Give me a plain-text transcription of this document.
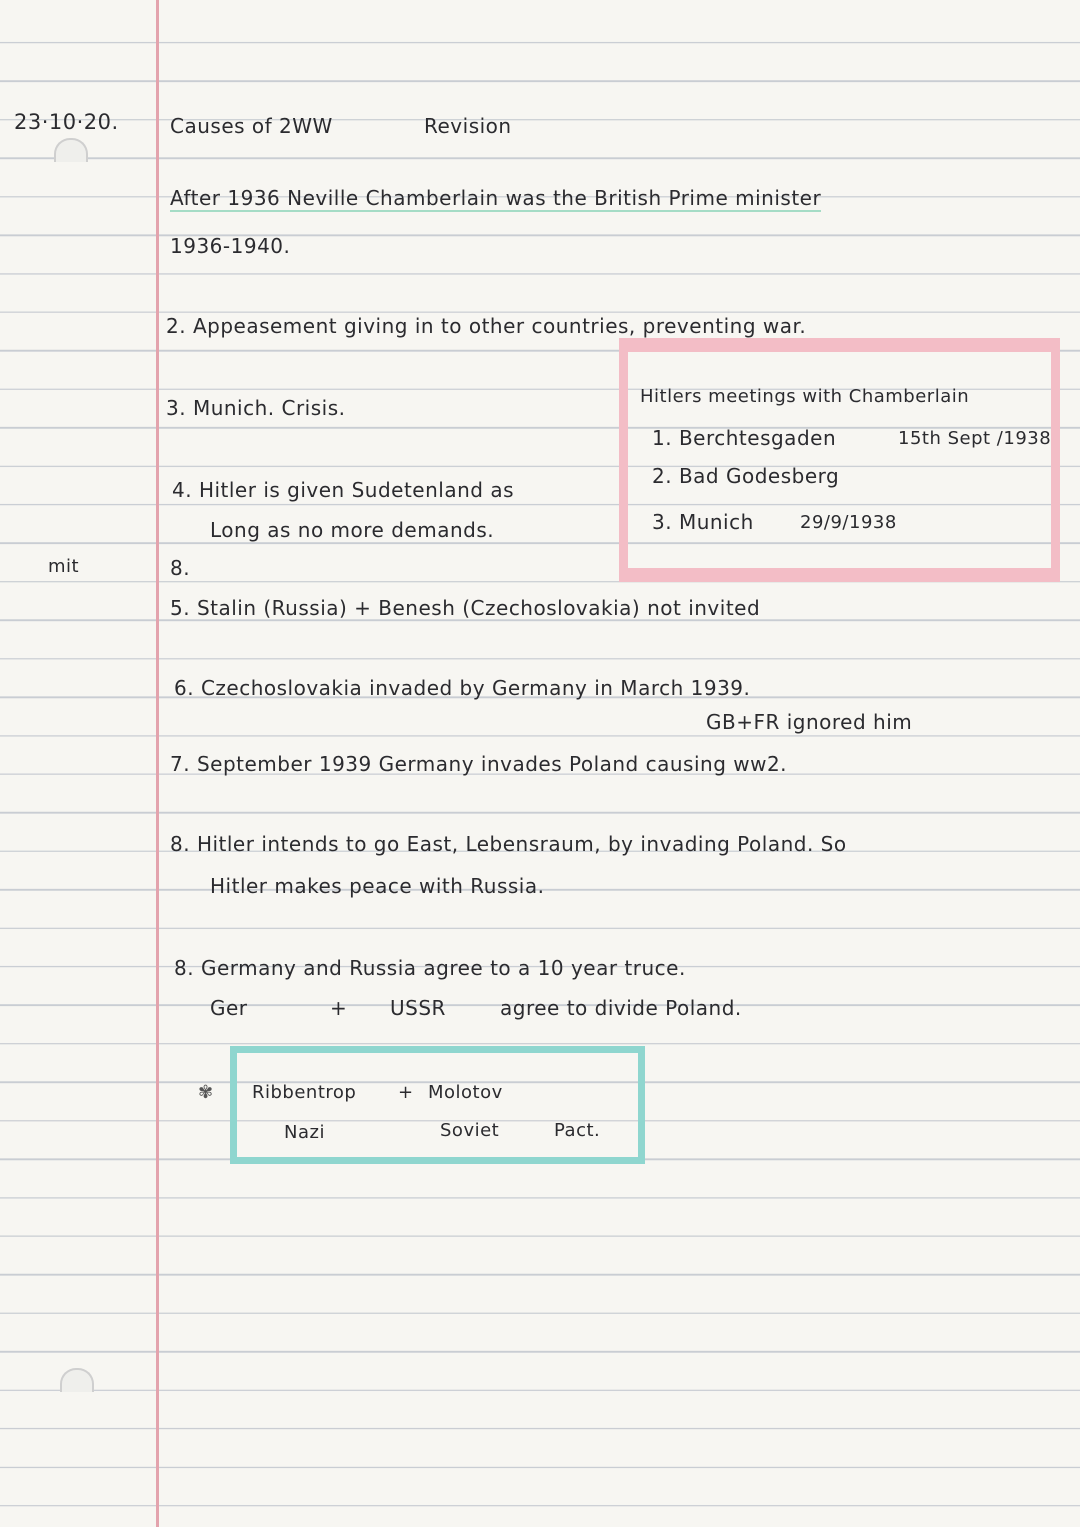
23·10·20.	Causes of 2WW	Revision
After 1936 Neville Chamberlain was the British Prime minister
1936-1940.
2. Appeasement giving in to other countries, preventing war.
3. Munich. Crisis.	Hitlers meetings with Chamberlain
1. Berchtesgaden	15th Sept /1938
2. Bad Godesberg
3. Munich	29/9/1938
4. Hitler is given Sudetenland as
Long as no more demands.
8.
mit
5. Stalin (Russia) + Benesh (Czechoslovakia) not invited
6. Czechoslovakia invaded by Germany in March 1939.
GB+FR ignored him
7. September 1939 Germany invades Poland causing ww2.
8. Hitler intends to go East, Lebensraum, by invading Poland. So
Hitler makes peace with Russia.
8. Germany and Russia agree to a 10 year truce.
Ger	+ USSR	agree to divide Poland.
✾ Ribbentrop + Molotov
Nazi	Soviet	Pact.
